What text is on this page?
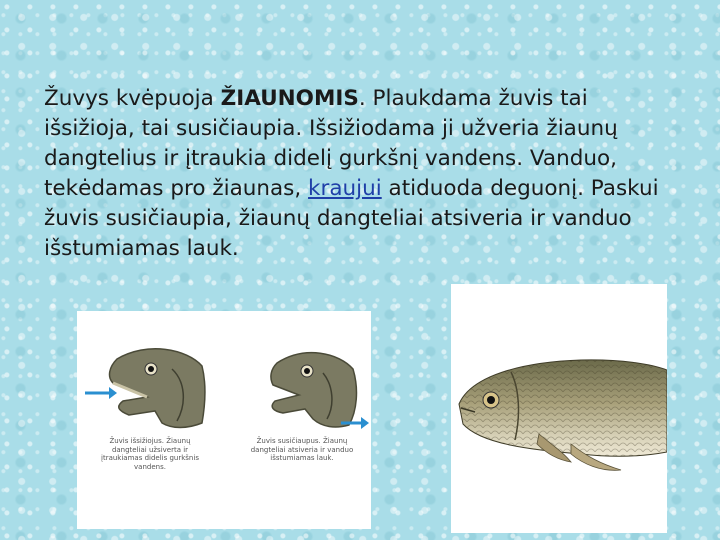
Žuvys kvėpuoja ŽIAUNOMIS. Plaukdama žuvis tai išsižioja, tai susičiaupia. Išsižiodama ji užveria žiaunų dangtelius ir įtraukia didelį gurkšnį vandens. Vanduo, tekėdamas pro žiaunas, kraujui atiduoda deguonį. Paskui žuvis susičiaupia, žiaunų dangteliai atsiveria ir vanduo išstumiamas lauk.
Žuvis išsižiojus. Žiaunų dangteliai užsiverta ir įtraukiamas didelis gurkšnis vandens.
Žuvis susičiaupus. Žiaunų dangteliai atsiveria ir vanduo išstumiamas lauk.
